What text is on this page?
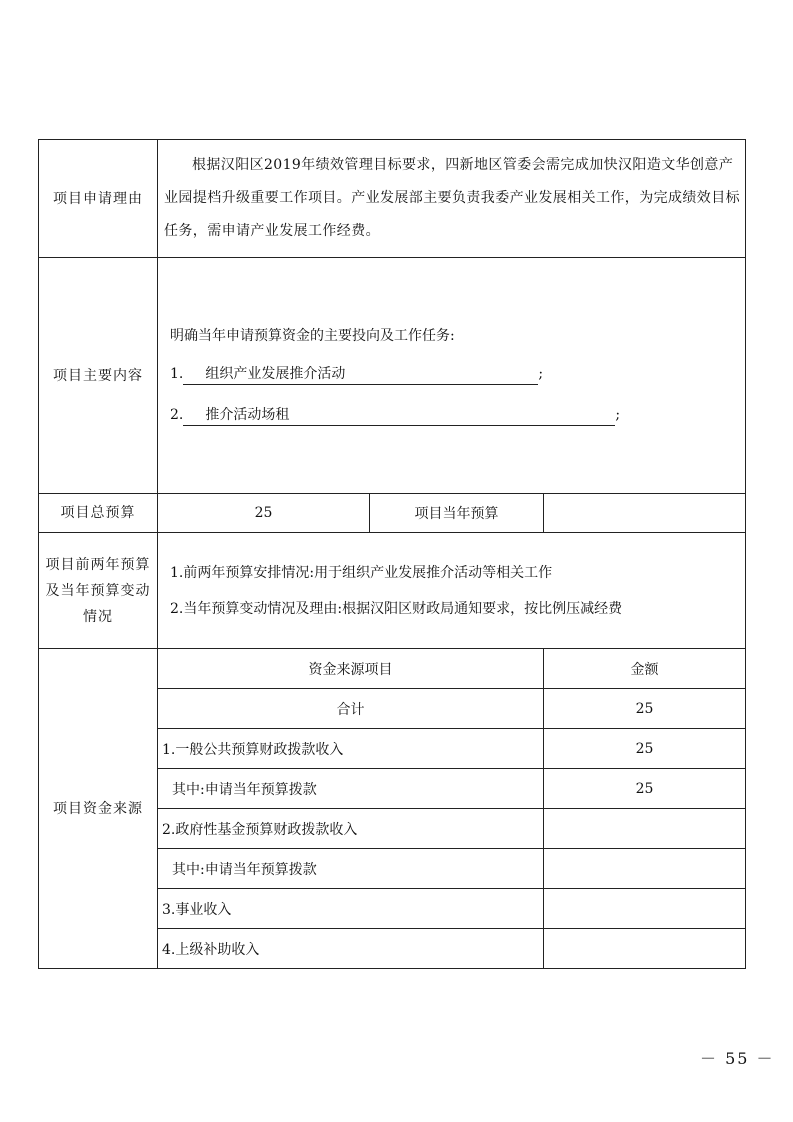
项目申请理由	根据汉阳区2019年绩效管理目标要求，四新地区管委会需完成加快汉阳造文华创意产业园提档升级重要工作项目。产业发展部主要负责我委产业发展相关工作，为完成绩效目标任务，需申请产业发展工作经费。		
项目主要内容	明确当年申请预算资金的主要投向及工作任务:

1. 组织产业发展推介活动 ;

2. 推介活动场租 ;		

项目总预算	25	项目当年预算	
项目前两年预算及当年预算变动情况	1.前两年预算安排情况:用于组织产业发展推介活动等相关工作

2.当年预算变动情况及理由:根据汉阳区财政局通知要求，按比例压减经费		

项目资金来源	资金来源项目		金额
	合计		25
	1.一般公共预算财政拨款收入		25
	其中:申请当年预算拨款		25
	2.政府性基金预算财政拨款收入		
	其中:申请当年预算拨款		
	3.事业收入		
	4.上级补助收入		
－ 55 －
